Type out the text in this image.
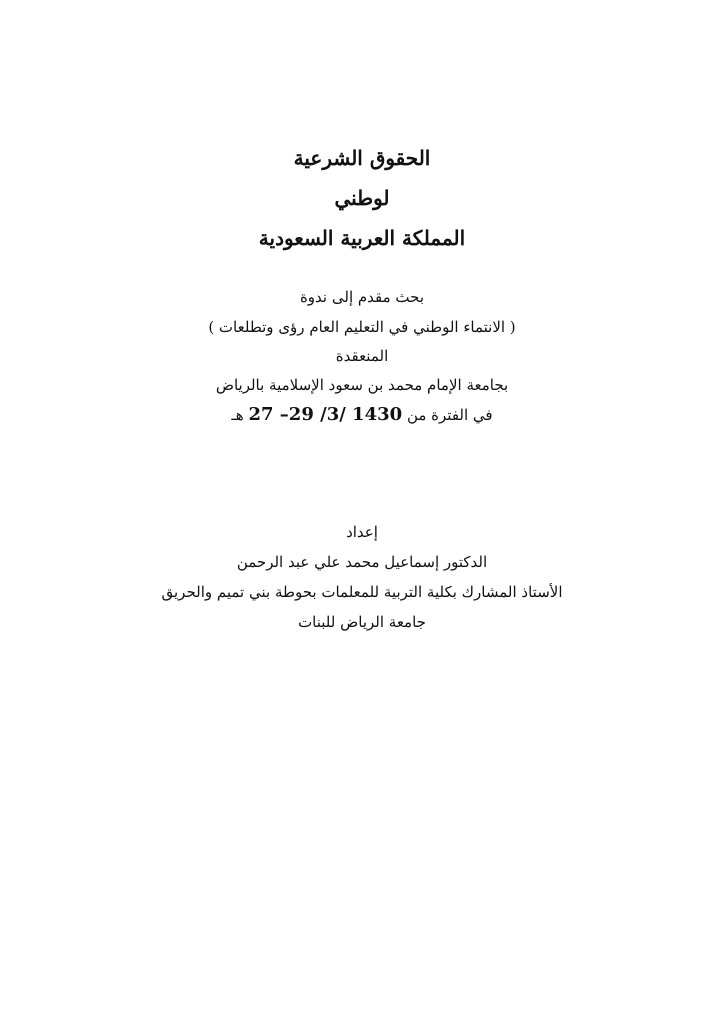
الحقوق الشرعية
لوطني
المملكة العربية السعودية
بحث مقدم إلى ندوة
( الانتماء الوطني في التعليم العام رؤى وتطلعات )
المنعقدة
بجامعة الإمام محمد بن سعود الإسلامية بالرياض
في الفترة من 27 –29 /3/ 1430 هـ
إعداد
الدكتور إسماعيل محمد علي عبد الرحمن
الأستاذ المشارك بكلية التربية للمعلمات بحوطة بني تميم والحريق
جامعة الرياض للبنات
